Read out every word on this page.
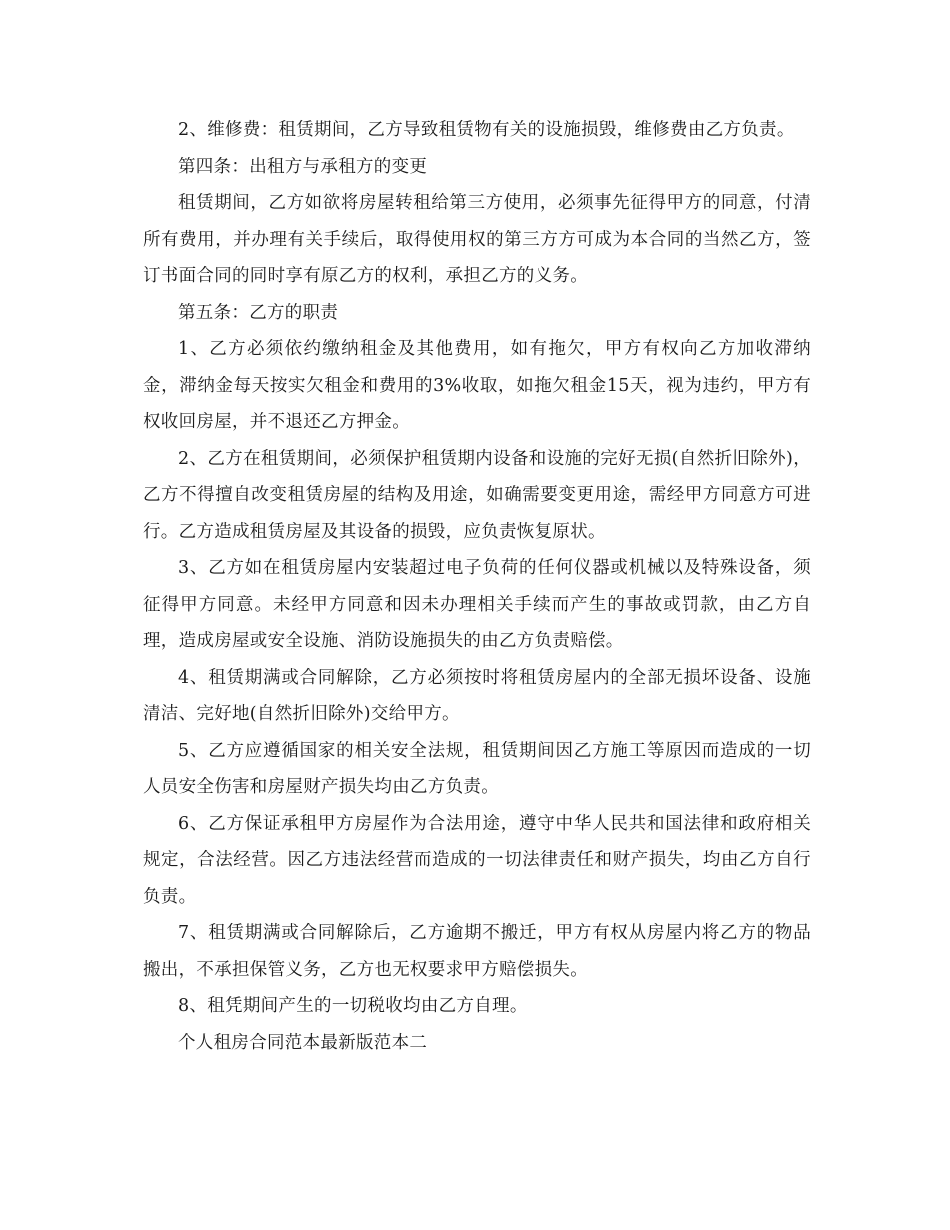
2、维修费：租赁期间，乙方导致租赁物有关的设施损毁，维修费由乙方负责。

第四条：出租方与承租方的变更

租赁期间，乙方如欲将房屋转租给第三方使用，必须事先征得甲方的同意，付清所有费用，并办理有关手续后，取得使用权的第三方方可成为本合同的当然乙方，签订书面合同的同时享有原乙方的权利，承担乙方的义务。

第五条：乙方的职责

1、乙方必须依约缴纳租金及其他费用，如有拖欠，甲方有权向乙方加收滞纳金，滞纳金每天按实欠租金和费用的3%收取，如拖欠租金15天，视为违约，甲方有权收回房屋，并不退还乙方押金。

2、乙方在租赁期间，必须保护租赁期内设备和设施的完好无损(自然折旧除外)，乙方不得擅自改变租赁房屋的结构及用途，如确需要变更用途，需经甲方同意方可进行。乙方造成租赁房屋及其设备的损毁，应负责恢复原状。

3、乙方如在租赁房屋内安装超过电子负荷的任何仪器或机械以及特殊设备，须征得甲方同意。未经甲方同意和因未办理相关手续而产生的事故或罚款，由乙方自理，造成房屋或安全设施、消防设施损失的由乙方负责赔偿。

4、租赁期满或合同解除，乙方必须按时将租赁房屋内的全部无损坏设备、设施清洁、完好地(自然折旧除外)交给甲方。

5、乙方应遵循国家的相关安全法规，租赁期间因乙方施工等原因而造成的一切人员安全伤害和房屋财产损失均由乙方负责。

6、乙方保证承租甲方房屋作为合法用途，遵守中华人民共和国法律和政府相关规定，合法经营。因乙方违法经营而造成的一切法律责任和财产损失，均由乙方自行负责。

7、租赁期满或合同解除后，乙方逾期不搬迁，甲方有权从房屋内将乙方的物品搬出，不承担保管义务，乙方也无权要求甲方赔偿损失。

8、租凭期间产生的一切税收均由乙方自理。

个人租房合同范本最新版范本二
